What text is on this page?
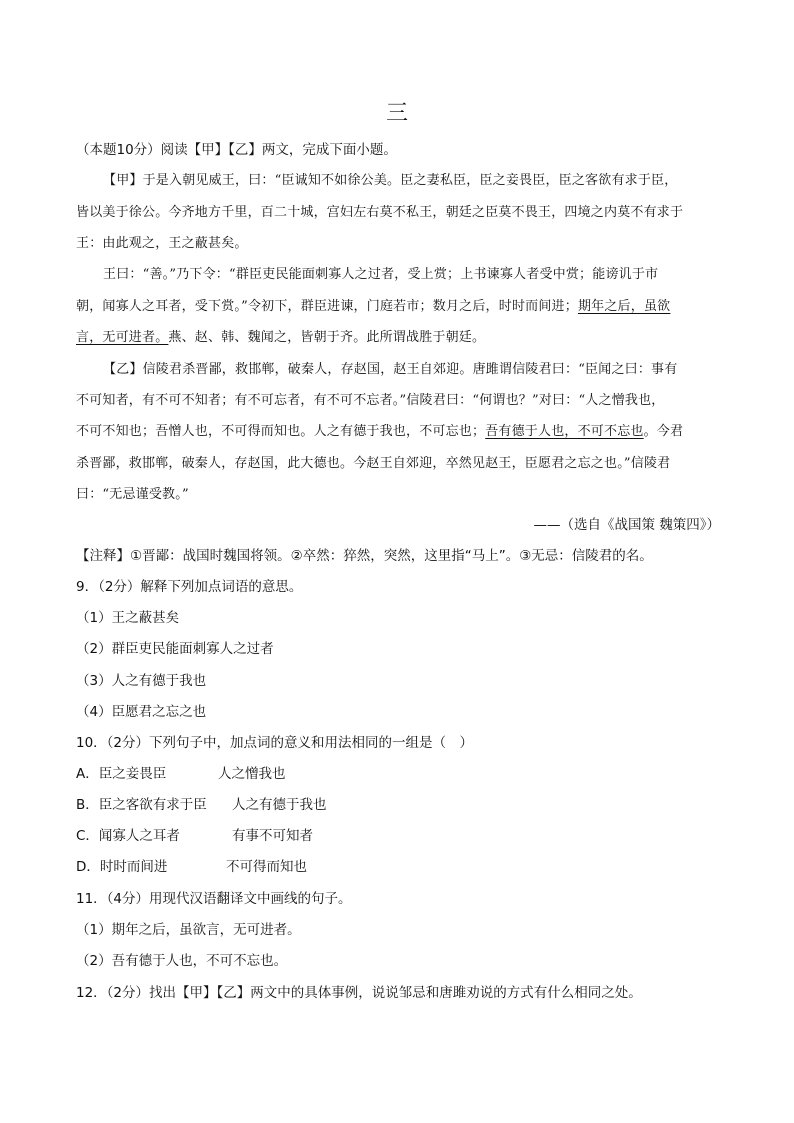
三
（本题10分）阅读【甲】【乙】两文，完成下面小题。
【甲】于是入朝见威王，曰：“臣诚知不如徐公美。臣之妻私臣，臣之妾畏臣，臣之客欲有求于臣，
皆以美于徐公。今齐地方千里，百二十城，宫妇左右莫不私王，朝廷之臣莫不畏王，四境之内莫不有求于
王：由此观之，王之蔽甚矣。
王曰：“善。”乃下令：“群臣吏民能面刺寡人之过者，受上赏；上书谏寡人者受中赏；能谤讥于市
朝，闻寡人之耳者，受下赏。”令初下，群臣进谏，门庭若市；数月之后，时时而间进；期年之后，虽欲
言，无可进者。燕、赵、韩、魏闻之，皆朝于齐。此所谓战胜于朝廷。
【乙】信陵君杀晋鄙，救邯郸，破秦人，存赵国，赵王自郊迎。唐雎谓信陵君曰：“臣闻之曰：事有
不可知者，有不可不知者；有不可忘者，有不可不忘者。”信陵君曰：“何谓也？”对曰：“人之憎我也，
不可不知也；吾憎人也，不可得而知也。人之有德于我也，不可忘也；吾有德于人也，不可不忘也。今君
杀晋鄙，救邯郸，破秦人，存赵国，此大德也。今赵王自郊迎，卒然见赵王，臣愿君之忘之也。”信陵君
曰：“无忌谨受教。”
——（选自《战国策 魏策四》）
【注释】①晋鄙：战国时魏国将领。②卒然：猝然，突然，这里指“马上”。③无忌：信陵君的名。
9．（2分）解释下列加点词语的意思。
（1）王之蔽甚矣
（2）群臣吏民能面刺寡人之过者
（3）人之有德于我也
（4）臣愿君之忘之也
10．（2分）下列句子中，加点词的意义和用法相同的一组是（　）
A．臣之妾畏臣	人之憎我也
B．臣之客欲有求于臣 人之有德于我也
C．闻寡人之耳者	有事不可知者
D．时时而间进	不可得而知也
11．（4分）用现代汉语翻译文中画线的句子。
（1）期年之后，虽欲言，无可进者。
（2）吾有德于人也，不可不忘也。
12．（2分）找出【甲】【乙】两文中的具体事例，说说邹忌和唐雎劝说的方式有什么相同之处。
